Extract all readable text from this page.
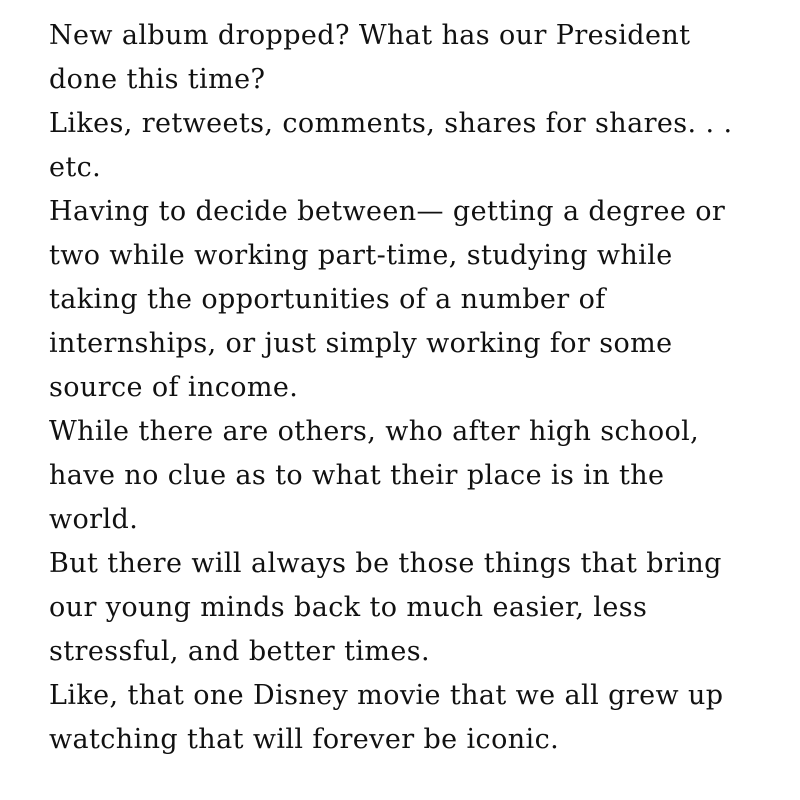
New album dropped? What has our President done this time?

Likes, retweets, comments, shares for shares. . . etc.

Having to decide between— getting a degree or two while working part-time, studying while taking the opportunities of a number of internships, or just simply working for some source of income.

While there are others, who after high school, have no clue as to what their place is in the world.

But there will always be those things that bring our young minds back to much easier, less stressful, and better times.

Like, that one Disney movie that we all grew up watching that will forever be iconic.
